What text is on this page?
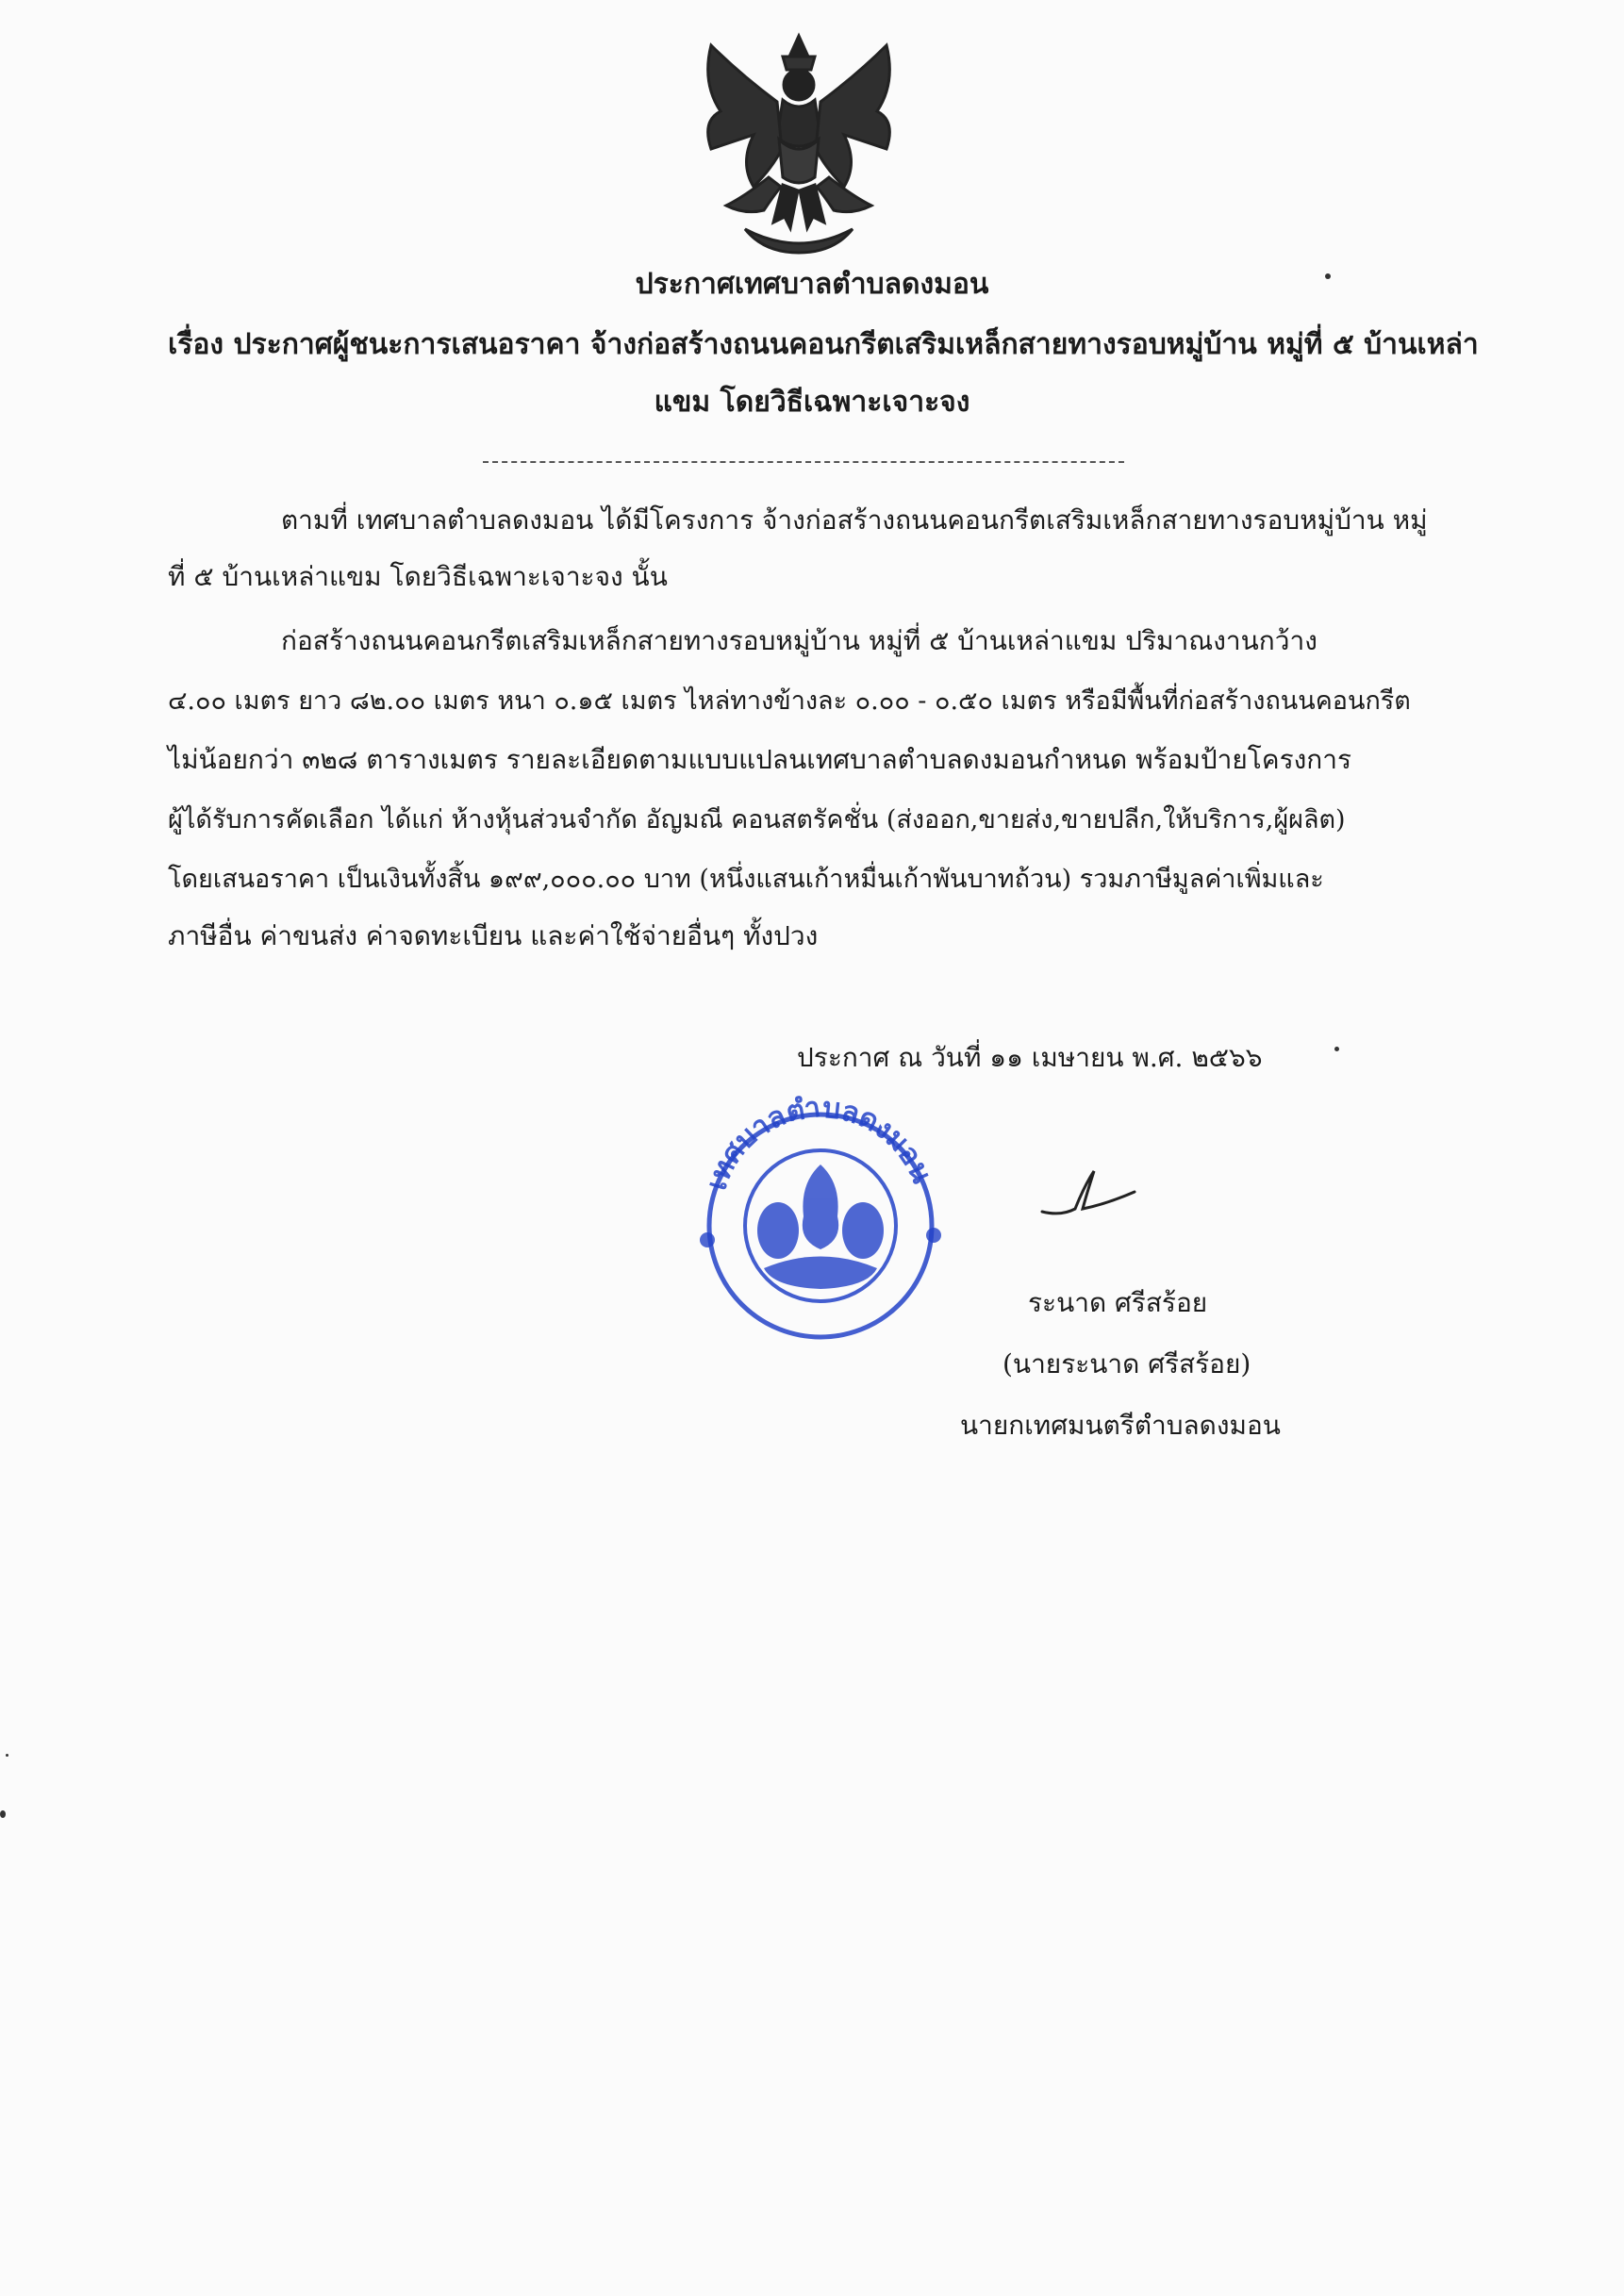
ประกาศเทศบาลตำบลดงมอน
เรื่อง ประกาศผู้ชนะการเสนอราคา จ้างก่อสร้างถนนคอนกรีตเสริมเหล็กสายทางรอบหมู่บ้าน หมู่ที่ ๕ บ้านเหล่า
แขม โดยวิธีเฉพาะเจาะจง
ตามที่ เทศบาลตำบลดงมอน ได้มีโครงการ จ้างก่อสร้างถนนคอนกรีตเสริมเหล็กสายทางรอบหมู่บ้าน หมู่
ที่ ๕ บ้านเหล่าแขม โดยวิธีเฉพาะเจาะจง นั้น
ก่อสร้างถนนคอนกรีตเสริมเหล็กสายทางรอบหมู่บ้าน หมู่ที่ ๕ บ้านเหล่าแขม ปริมาณงานกว้าง
๔.๐๐ เมตร ยาว ๘๒.๐๐ เมตร หนา ๐.๑๕ เมตร ไหล่ทางข้างละ ๐.๐๐ - ๐.๕๐ เมตร หรือมีพื้นที่ก่อสร้างถนนคอนกรีต
ไม่น้อยกว่า ๓๒๘ ตารางเมตร รายละเอียดตามแบบแปลนเทศบาลตำบลดงมอนกำหนด พร้อมป้ายโครงการ
ผู้ได้รับการคัดเลือก ได้แก่ ห้างหุ้นส่วนจำกัด อัญมณี คอนสตรัคชั่น (ส่งออก,ขายส่ง,ขายปลีก,ให้บริการ,ผู้ผลิต)
โดยเสนอราคา เป็นเงินทั้งสิ้น ๑๙๙,๐๐๐.๐๐ บาท (หนึ่งแสนเก้าหมื่นเก้าพันบาทถ้วน) รวมภาษีมูลค่าเพิ่มและ
ภาษีอื่น ค่าขนส่ง ค่าจดทะเบียน และค่าใช้จ่ายอื่นๆ ทั้งปวง
ประกาศ ณ วันที่ ๑๑ เมษายน พ.ศ. ๒๕๖๖
เทศบาลตำบลดงมอน
ระนาด ศรีสร้อย
(นายระนาด ศรีสร้อย)
นายกเทศมนตรีตำบลดงมอน
